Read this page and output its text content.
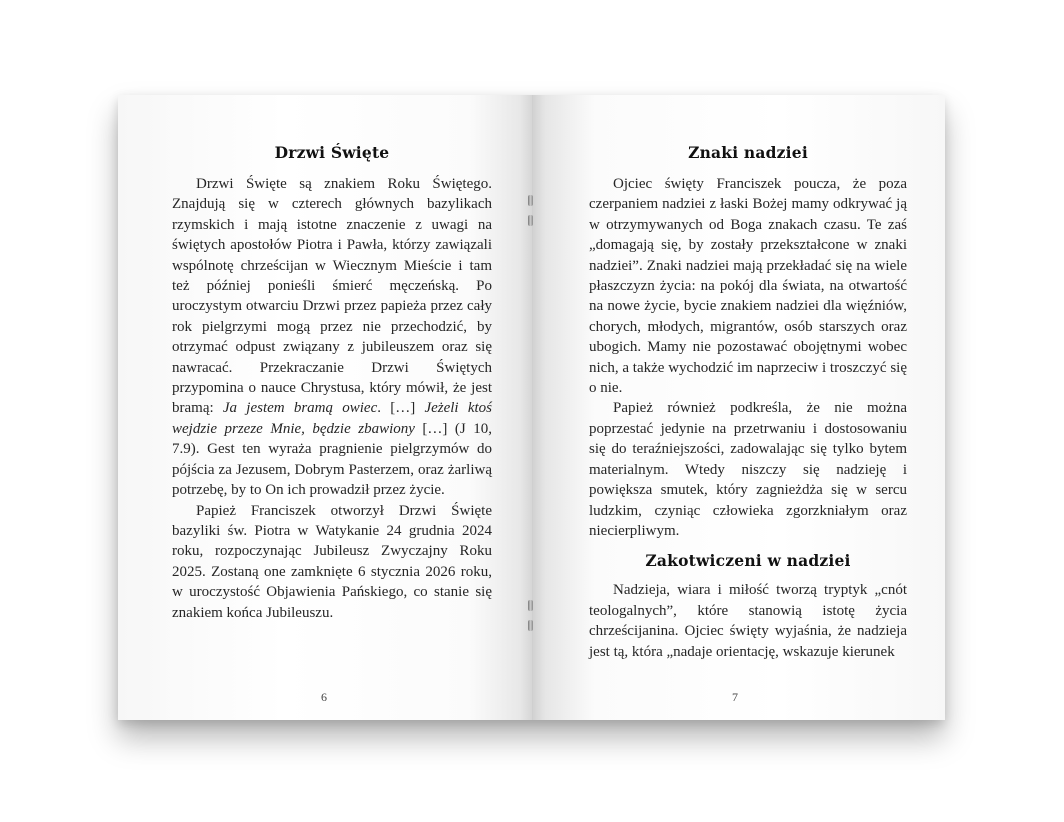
Drzwi Święte

Drzwi Święte są znakiem Roku Świętego. Znajdują się w czterech głównych bazylikach rzymskich i mają istotne znaczenie z uwagi na świętych apostołów Piotra i Pawła, którzy zawiązali wspólnotę chrześcijan w Wiecznym Mieście i tam też później ponieśli śmierć męczeńską. Po uroczystym otwarciu Drzwi przez papieża przez cały rok pielgrzymi mogą przez nie przechodzić, by otrzymać odpust związany z jubileuszem oraz się nawracać. Przekraczanie Drzwi Świętych przypomina o nauce Chrystusa, który mówił, że jest bramą: Ja jestem bramą owiec. […] Jeżeli ktoś wejdzie przeze Mnie, będzie zbawiony […] (J 10, 7.9). Gest ten wyraża pragnienie pielgrzymów do pójścia za Jezusem, Dobrym Pasterzem, oraz żarliwą potrzebę, by to On ich prowadził przez życie.

Papież Franciszek otworzył Drzwi Święte bazyliki św. Piotra w Watykanie 24 grudnia 2024 roku, rozpoczynając Jubileusz Zwyczajny Roku 2025. Zostaną one zamknięte 6 stycznia 2026 roku, w uroczystość Objawienia Pańskiego, co stanie się znakiem końca Jubileuszu.

6
Znaki nadziei

Ojciec święty Franciszek poucza, że poza czerpaniem nadziei z łaski Bożej mamy odkrywać ją w otrzymywanych od Boga znakach czasu. Te zaś „domagają się, by zostały przekształcone w znaki nadziei”. Znaki nadziei mają przekładać się na wiele płaszczyzn życia: na pokój dla świata, na otwartość na nowe życie, bycie znakiem nadziei dla więźniów, chorych, młodych, migrantów, osób starszych oraz ubogich. Mamy nie pozostawać obojętnymi wobec nich, a także wychodzić im naprzeciw i troszczyć się o nie.

Papież również podkreśla, że nie można poprzestać jedynie na przetrwaniu i dostosowaniu się do teraźniejszości, zadowalając się tylko bytem materialnym. Wtedy niszczy się nadzieję i powiększa smutek, który zagnieżdża się w sercu ludzkim, czyniąc człowieka zgorzkniałym oraz niecierpliwym.

Zakotwiczeni w nadziei

Nadzieja, wiara i miłość tworzą tryptyk „cnót teologalnych”, które stanowią istotę życia chrześcijanina. Ojciec święty wyjaśnia, że nadzieja jest tą, która „nadaje orientację, wskazuje kierunek

7
